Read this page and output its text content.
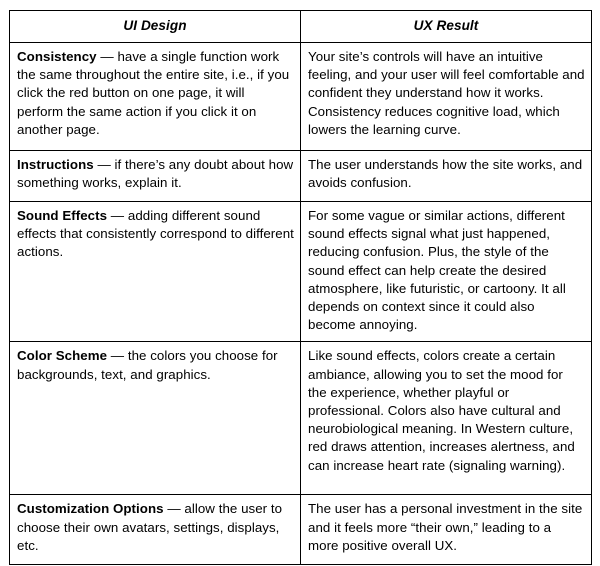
UI Design	UX Result
Consistency — have a single function work the same throughout the entire site, i.e., if you click the red button on one page, it will perform the same action if you click it on another page.	Your site’s controls will have an intuitive feeling, and your user will feel comfortable and confident they understand how it works. Consistency reduces cognitive load, which lowers the learning curve.
Instructions — if there’s any doubt about how something works, explain it.	The user understands how the site works, and avoids confusion.
Sound Effects — adding different sound effects that consistently correspond to different actions.	For some vague or similar actions, different sound effects signal what just happened, reducing confusion. Plus, the style of the sound effect can help create the desired atmosphere, like futuristic, or cartoony. It all depends on context since it could also become annoying.
Color Scheme — the colors you choose for backgrounds, text, and graphics.	Like sound effects, colors create a certain ambiance, allowing you to set the mood for the experience, whether playful or professional. Colors also have cultural and neurobiological meaning. In Western culture, red draws attention, increases alertness, and can increase heart rate (signaling warning).
Customization Options — allow the user to choose their own avatars, settings, displays, etc.	The user has a personal investment in the site and it feels more “their own,” leading to a more positive overall UX.
